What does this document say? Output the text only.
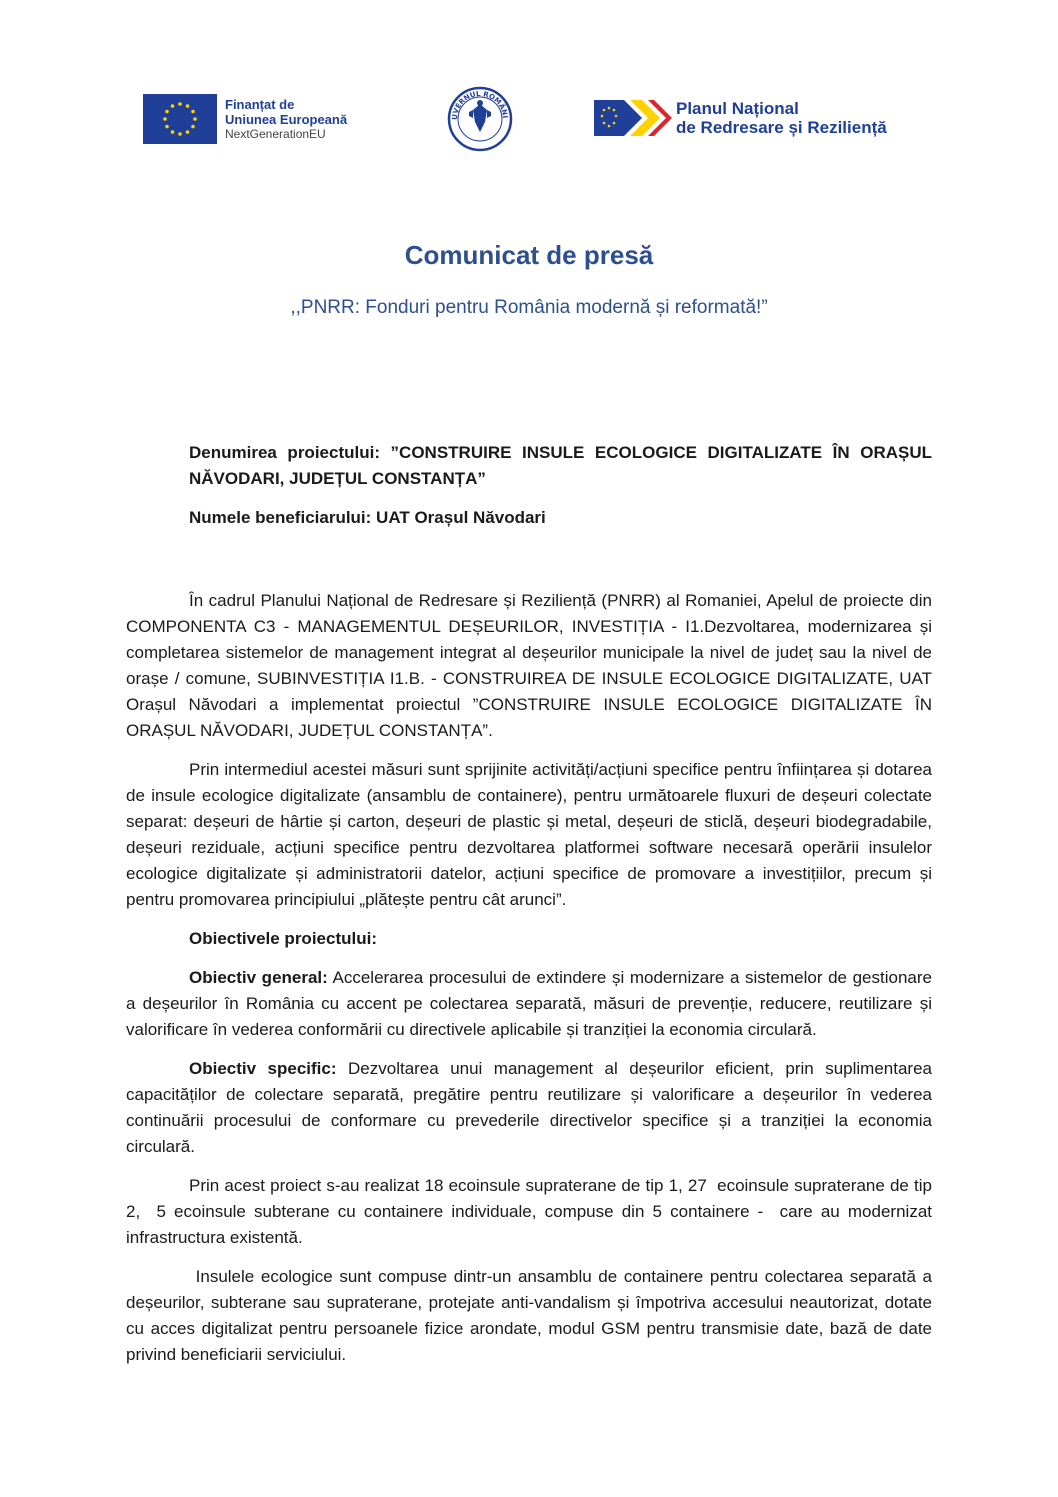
Finanțat de
Uniunea Europeană
NextGenerationEU
UVERNUL ROMÂNI	Planul Național
de Redresare și Reziliență
Comunicat de presă
,,PNRR: Fonduri pentru România modernă și reformată!”

Denumirea proiectului: ”CONSTRUIRE INSULE ECOLOGICE DIGITALIZATE ÎN ORAȘUL NĂVODARI, JUDEȚUL CONSTANȚA”

Numele beneficiarului: UAT Orașul Năvodari

În cadrul Planului Național de Redresare și Reziliență (PNRR) al Romaniei, Apelul de proiecte din COMPONENTA C3 - MANAGEMENTUL DEȘEURILOR, INVESTIȚIA - I1.Dezvoltarea, modernizarea și completarea sistemelor de management integrat al deșeurilor municipale la nivel de județ sau la nivel de orașe / comune, SUBINVESTIȚIA I1.B. - CONSTRUIREA DE INSULE ECOLOGICE DIGITALIZATE, UAT Orașul Năvodari a implementat proiectul ”CONSTRUIRE INSULE ECOLOGICE DIGITALIZATE ÎN ORAȘUL NĂVODARI, JUDEȚUL CONSTANȚA”.

Prin intermediul acestei măsuri sunt sprijinite activități/acțiuni specifice pentru înființarea și dotarea de insule ecologice digitalizate (ansamblu de containere), pentru următoarele fluxuri de deșeuri colectate separat: deșeuri de hârtie și carton, deșeuri de plastic și metal, deșeuri de sticlă, deșeuri biodegradabile, deșeuri reziduale, acțiuni specifice pentru dezvoltarea platformei software necesară operării insulelor ecologice digitalizate și administratorii datelor, acțiuni specifice de promovare a investițiilor, precum și pentru promovarea principiului „plătește pentru cât arunci”.

Obiectivele proiectului:

Obiectiv general: Accelerarea procesului de extindere și modernizare a sistemelor de gestionare a deșeurilor în România cu accent pe colectarea separată, măsuri de prevenție, reducere, reutilizare și valorificare în vederea conformării cu directivele aplicabile și tranziției la economia circulară.

Obiectiv specific: Dezvoltarea unui management al deșeurilor eficient, prin suplimentarea capacităților de colectare separată, pregătire pentru reutilizare și valorificare a deșeurilor în vederea continuării procesului de conformare cu prevederile directivelor specifice și a tranziției la economia circulară.

Prin acest proiect s-au realizat 18 ecoinsule supraterane de tip 1, 27  ecoinsule supraterane de tip 2,  5 ecoinsule subterane cu containere individuale, compuse din 5 containere -  care au modernizat infrastructura existentă.

Insulele ecologice sunt compuse dintr-un ansamblu de containere pentru colectarea separată a deșeurilor, subterane sau supraterane, protejate anti-vandalism și împotriva accesului neautorizat, dotate cu acces digitalizat pentru persoanele fizice arondate, modul GSM pentru transmisie date, bază de date privind beneficiarii serviciului.
